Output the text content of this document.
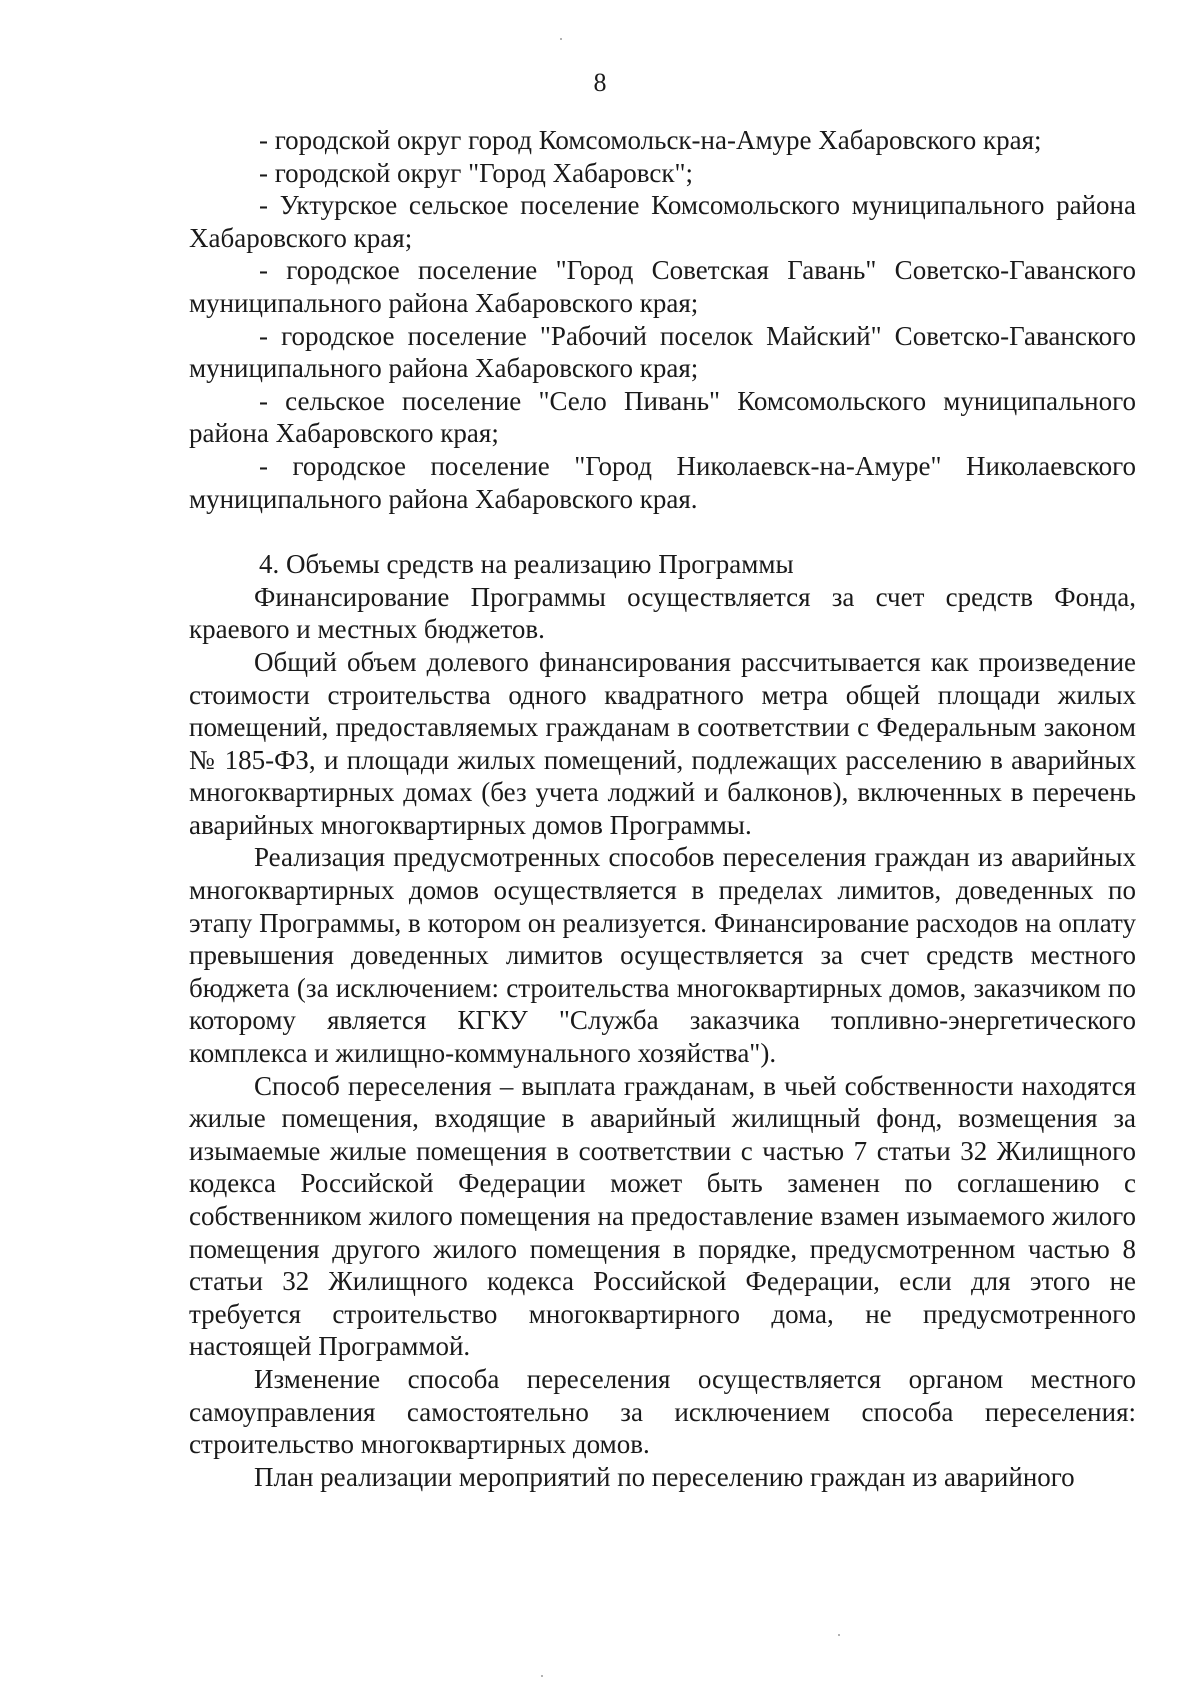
8

- городской округ город Комсомольск-на-Амуре Хабаровского края;

- городской округ "Город Хабаровск";

- Уктурское сельское поселение Комсомольского муниципального района Хабаровского края;

- городское поселение "Город Советская Гавань" Советско-Гаванского муниципального района Хабаровского края;

- городское поселение "Рабочий поселок Майский" Советско-Гаванского муниципального района Хабаровского края;

- сельское поселение "Село Пивань" Комсомольского муниципального района Хабаровского края;

- городское поселение "Город Николаевск-на-Амуре" Николаевского муниципального района Хабаровского края.

4. Объемы средств на реализацию Программы

Финансирование Программы осуществляется за счет средств Фонда, краевого и местных бюджетов.

Общий объем долевого финансирования рассчитывается как произведение стоимости строительства одного квадратного метра общей площади жилых помещений, предоставляемых гражданам в соответствии с Федеральным законом № 185-ФЗ, и площади жилых помещений, подлежащих расселению в аварийных многоквартирных домах (без учета лоджий и балконов), включенных в перечень аварийных многоквартирных домов Программы.

Реализация предусмотренных способов переселения граждан из аварийных многоквартирных домов осуществляется в пределах лимитов, доведенных по этапу Программы, в котором он реализуется. Финансирование расходов на оплату превышения доведенных лимитов осуществляется за счет средств местного бюджета (за исключением: строительства многоквартирных домов, заказчиком по которому является КГКУ "Служба заказчика топливно-энергетического комплекса и жилищно-коммунального хозяйства").

Способ переселения – выплата гражданам, в чьей собственности находятся жилые помещения, входящие в аварийный жилищный фонд, возмещения за изымаемые жилые помещения в соответствии с частью 7 статьи 32 Жилищного кодекса Российской Федерации может быть заменен по соглашению с собственником жилого помещения на предоставление взамен изымаемого жилого помещения другого жилого помещения в порядке, предусмотренном частью 8 статьи 32 Жилищного кодекса Российской Федерации, если для этого не требуется строительство многоквартирного дома, не предусмотренного настоящей Программой.

Изменение способа переселения осуществляется органом местного самоуправления самостоятельно за исключением способа переселения: строительство многоквартирных домов.

План реализации мероприятий по переселению граждан из аварийного
